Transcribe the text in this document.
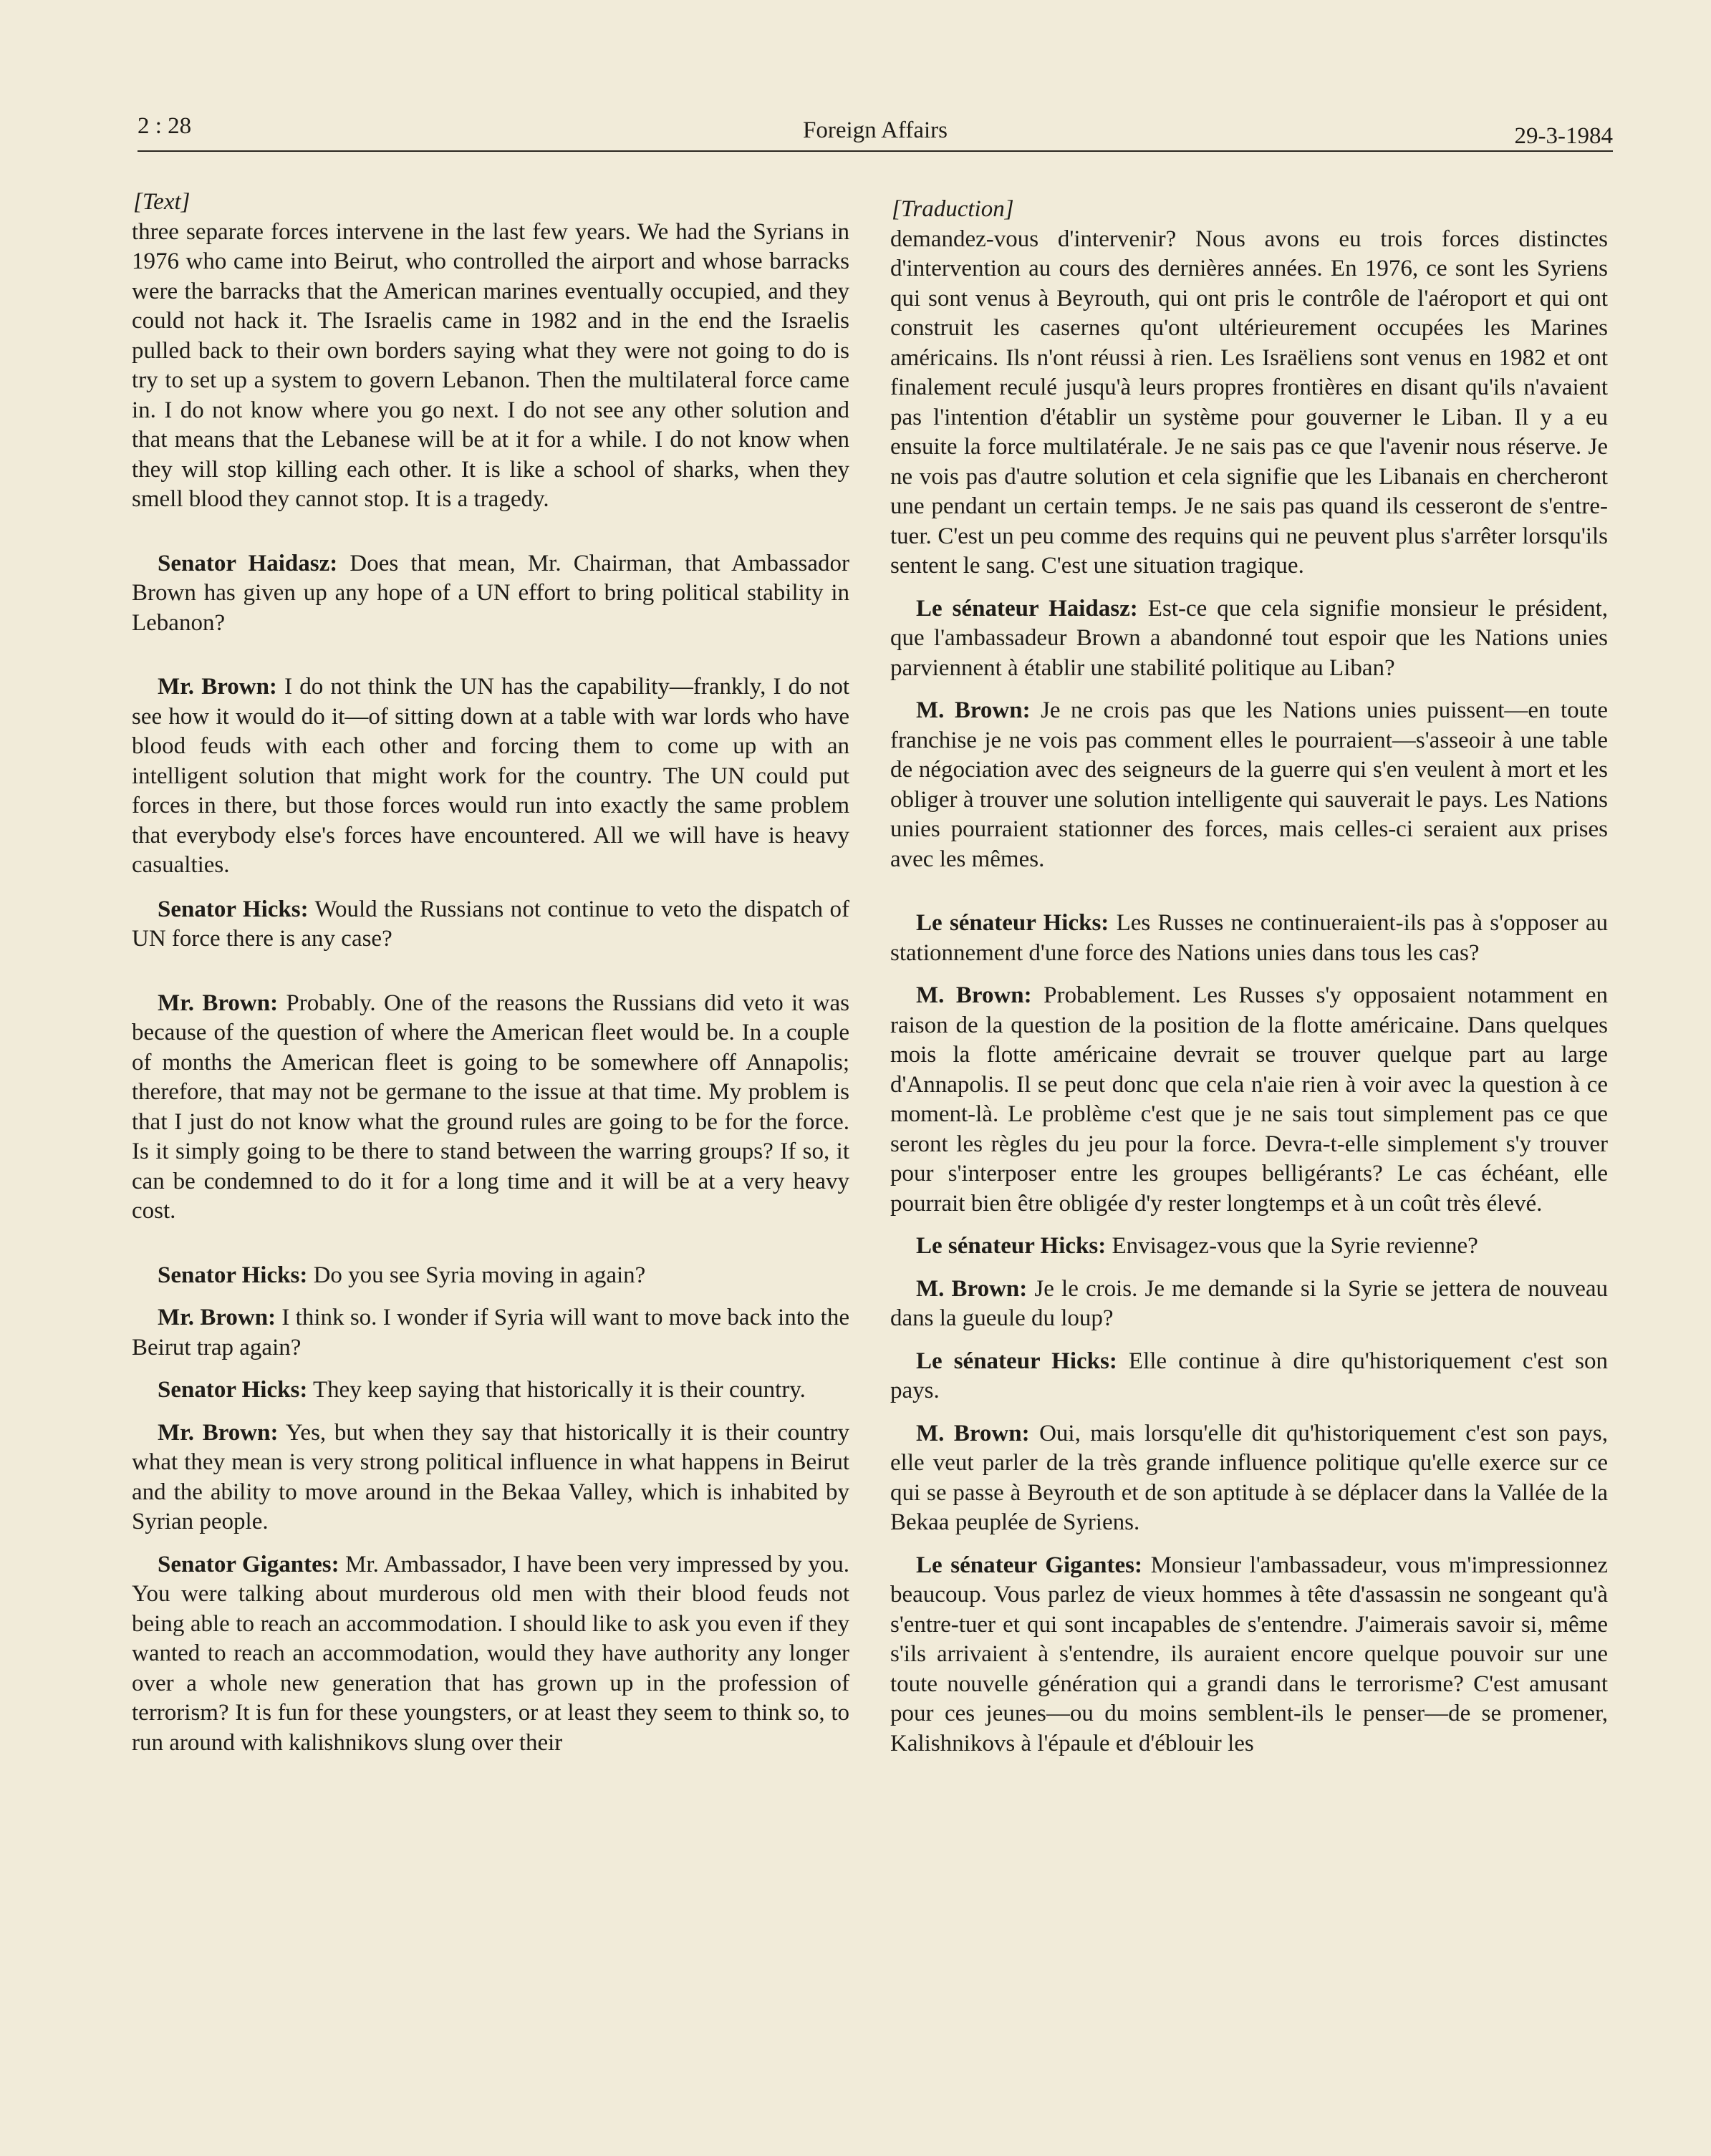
2 : 28	Foreign Affairs	29-3-1984
[Text]

three separate forces intervene in the last few years. We had the Syrians in 1976 who came into Beirut, who controlled the airport and whose barracks were the barracks that the American marines eventually occupied, and they could not hack it. The Israelis came in 1982 and in the end the Israelis pulled back to their own borders saying what they were not going to do is try to set up a system to govern Lebanon. Then the multilateral force came in. I do not know where you go next. I do not see any other solution and that means that the Lebanese will be at it for a while. I do not know when they will stop killing each other. It is like a school of sharks, when they smell blood they cannot stop. It is a tragedy.

Senator Haidasz: Does that mean, Mr. Chairman, that Ambassador Brown has given up any hope of a UN effort to bring political stability in Lebanon?

Mr. Brown: I do not think the UN has the capability—frankly, I do not see how it would do it—of sitting down at a table with war lords who have blood feuds with each other and forcing them to come up with an intelligent solution that might work for the country. The UN could put forces in there, but those forces would run into exactly the same problem that everybody else's forces have encountered. All we will have is heavy casualties.

Senator Hicks: Would the Russians not continue to veto the dispatch of UN force there is any case?

Mr. Brown: Probably. One of the reasons the Russians did veto it was because of the question of where the American fleet would be. In a couple of months the American fleet is going to be somewhere off Annapolis; therefore, that may not be germane to the issue at that time. My problem is that I just do not know what the ground rules are going to be for the force. Is it simply going to be there to stand between the warring groups? If so, it can be condemned to do it for a long time and it will be at a very heavy cost.

Senator Hicks: Do you see Syria moving in again?

Mr. Brown: I think so. I wonder if Syria will want to move back into the Beirut trap again?

Senator Hicks: They keep saying that historically it is their country.

Mr. Brown: Yes, but when they say that historically it is their country what they mean is very strong political influence in what happens in Beirut and the ability to move around in the Bekaa Valley, which is inhabited by Syrian people.

Senator Gigantes: Mr. Ambassador, I have been very impressed by you. You were talking about murderous old men with their blood feuds not being able to reach an accommodation. I should like to ask you even if they wanted to reach an accommodation, would they have authority any longer over a whole new generation that has grown up in the profession of terrorism? It is fun for these youngsters, or at least they seem to think so, to run around with kalishnikovs slung over their

[Traduction]

demandez-vous d'intervenir? Nous avons eu trois forces distinctes d'intervention au cours des dernières années. En 1976, ce sont les Syriens qui sont venus à Beyrouth, qui ont pris le contrôle de l'aéroport et qui ont construit les casernes qu'ont ultérieurement occupées les Marines américains. Ils n'ont réussi à rien. Les Israëliens sont venus en 1982 et ont finalement reculé jusqu'à leurs propres frontières en disant qu'ils n'avaient pas l'intention d'établir un système pour gouverner le Liban. Il y a eu ensuite la force multilatérale. Je ne sais pas ce que l'avenir nous réserve. Je ne vois pas d'autre solution et cela signifie que les Libanais en chercheront une pendant un certain temps. Je ne sais pas quand ils cesseront de s'entre-tuer. C'est un peu comme des requins qui ne peuvent plus s'arrêter lorsqu'ils sentent le sang. C'est une situation tragique.

Le sénateur Haidasz: Est-ce que cela signifie monsieur le président, que l'ambassadeur Brown a abandonné tout espoir que les Nations unies parviennent à établir une stabilité politique au Liban?

M. Brown: Je ne crois pas que les Nations unies puissent—en toute franchise je ne vois pas comment elles le pourraient—s'asseoir à une table de négociation avec des seigneurs de la guerre qui s'en veulent à mort et les obliger à trouver une solution intelligente qui sauverait le pays. Les Nations unies pourraient stationner des forces, mais celles-ci seraient aux prises avec les mêmes.

Le sénateur Hicks: Les Russes ne continueraient-ils pas à s'opposer au stationnement d'une force des Nations unies dans tous les cas?

M. Brown: Probablement. Les Russes s'y opposaient notamment en raison de la question de la position de la flotte américaine. Dans quelques mois la flotte américaine devrait se trouver quelque part au large d'Annapolis. Il se peut donc que cela n'aie rien à voir avec la question à ce moment-là. Le problème c'est que je ne sais tout simplement pas ce que seront les règles du jeu pour la force. Devra-t-elle simplement s'y trouver pour s'interposer entre les groupes belligérants? Le cas échéant, elle pourrait bien être obligée d'y rester longtemps et à un coût très élevé.

Le sénateur Hicks: Envisagez-vous que la Syrie revienne?

M. Brown: Je le crois. Je me demande si la Syrie se jettera de nouveau dans la gueule du loup?

Le sénateur Hicks: Elle continue à dire qu'historiquement c'est son pays.

M. Brown: Oui, mais lorsqu'elle dit qu'historiquement c'est son pays, elle veut parler de la très grande influence politique qu'elle exerce sur ce qui se passe à Beyrouth et de son aptitude à se déplacer dans la Vallée de la Bekaa peuplée de Syriens.

Le sénateur Gigantes: Monsieur l'ambassadeur, vous m'impressionnez beaucoup. Vous parlez de vieux hommes à tête d'assassin ne songeant qu'à s'entre-tuer et qui sont incapables de s'entendre. J'aimerais savoir si, même s'ils arrivaient à s'entendre, ils auraient encore quelque pouvoir sur une toute nouvelle génération qui a grandi dans le terrorisme? C'est amusant pour ces jeunes—ou du moins semblent-ils le penser—de se promener, Kalishnikovs à l'épaule et d'éblouir les
